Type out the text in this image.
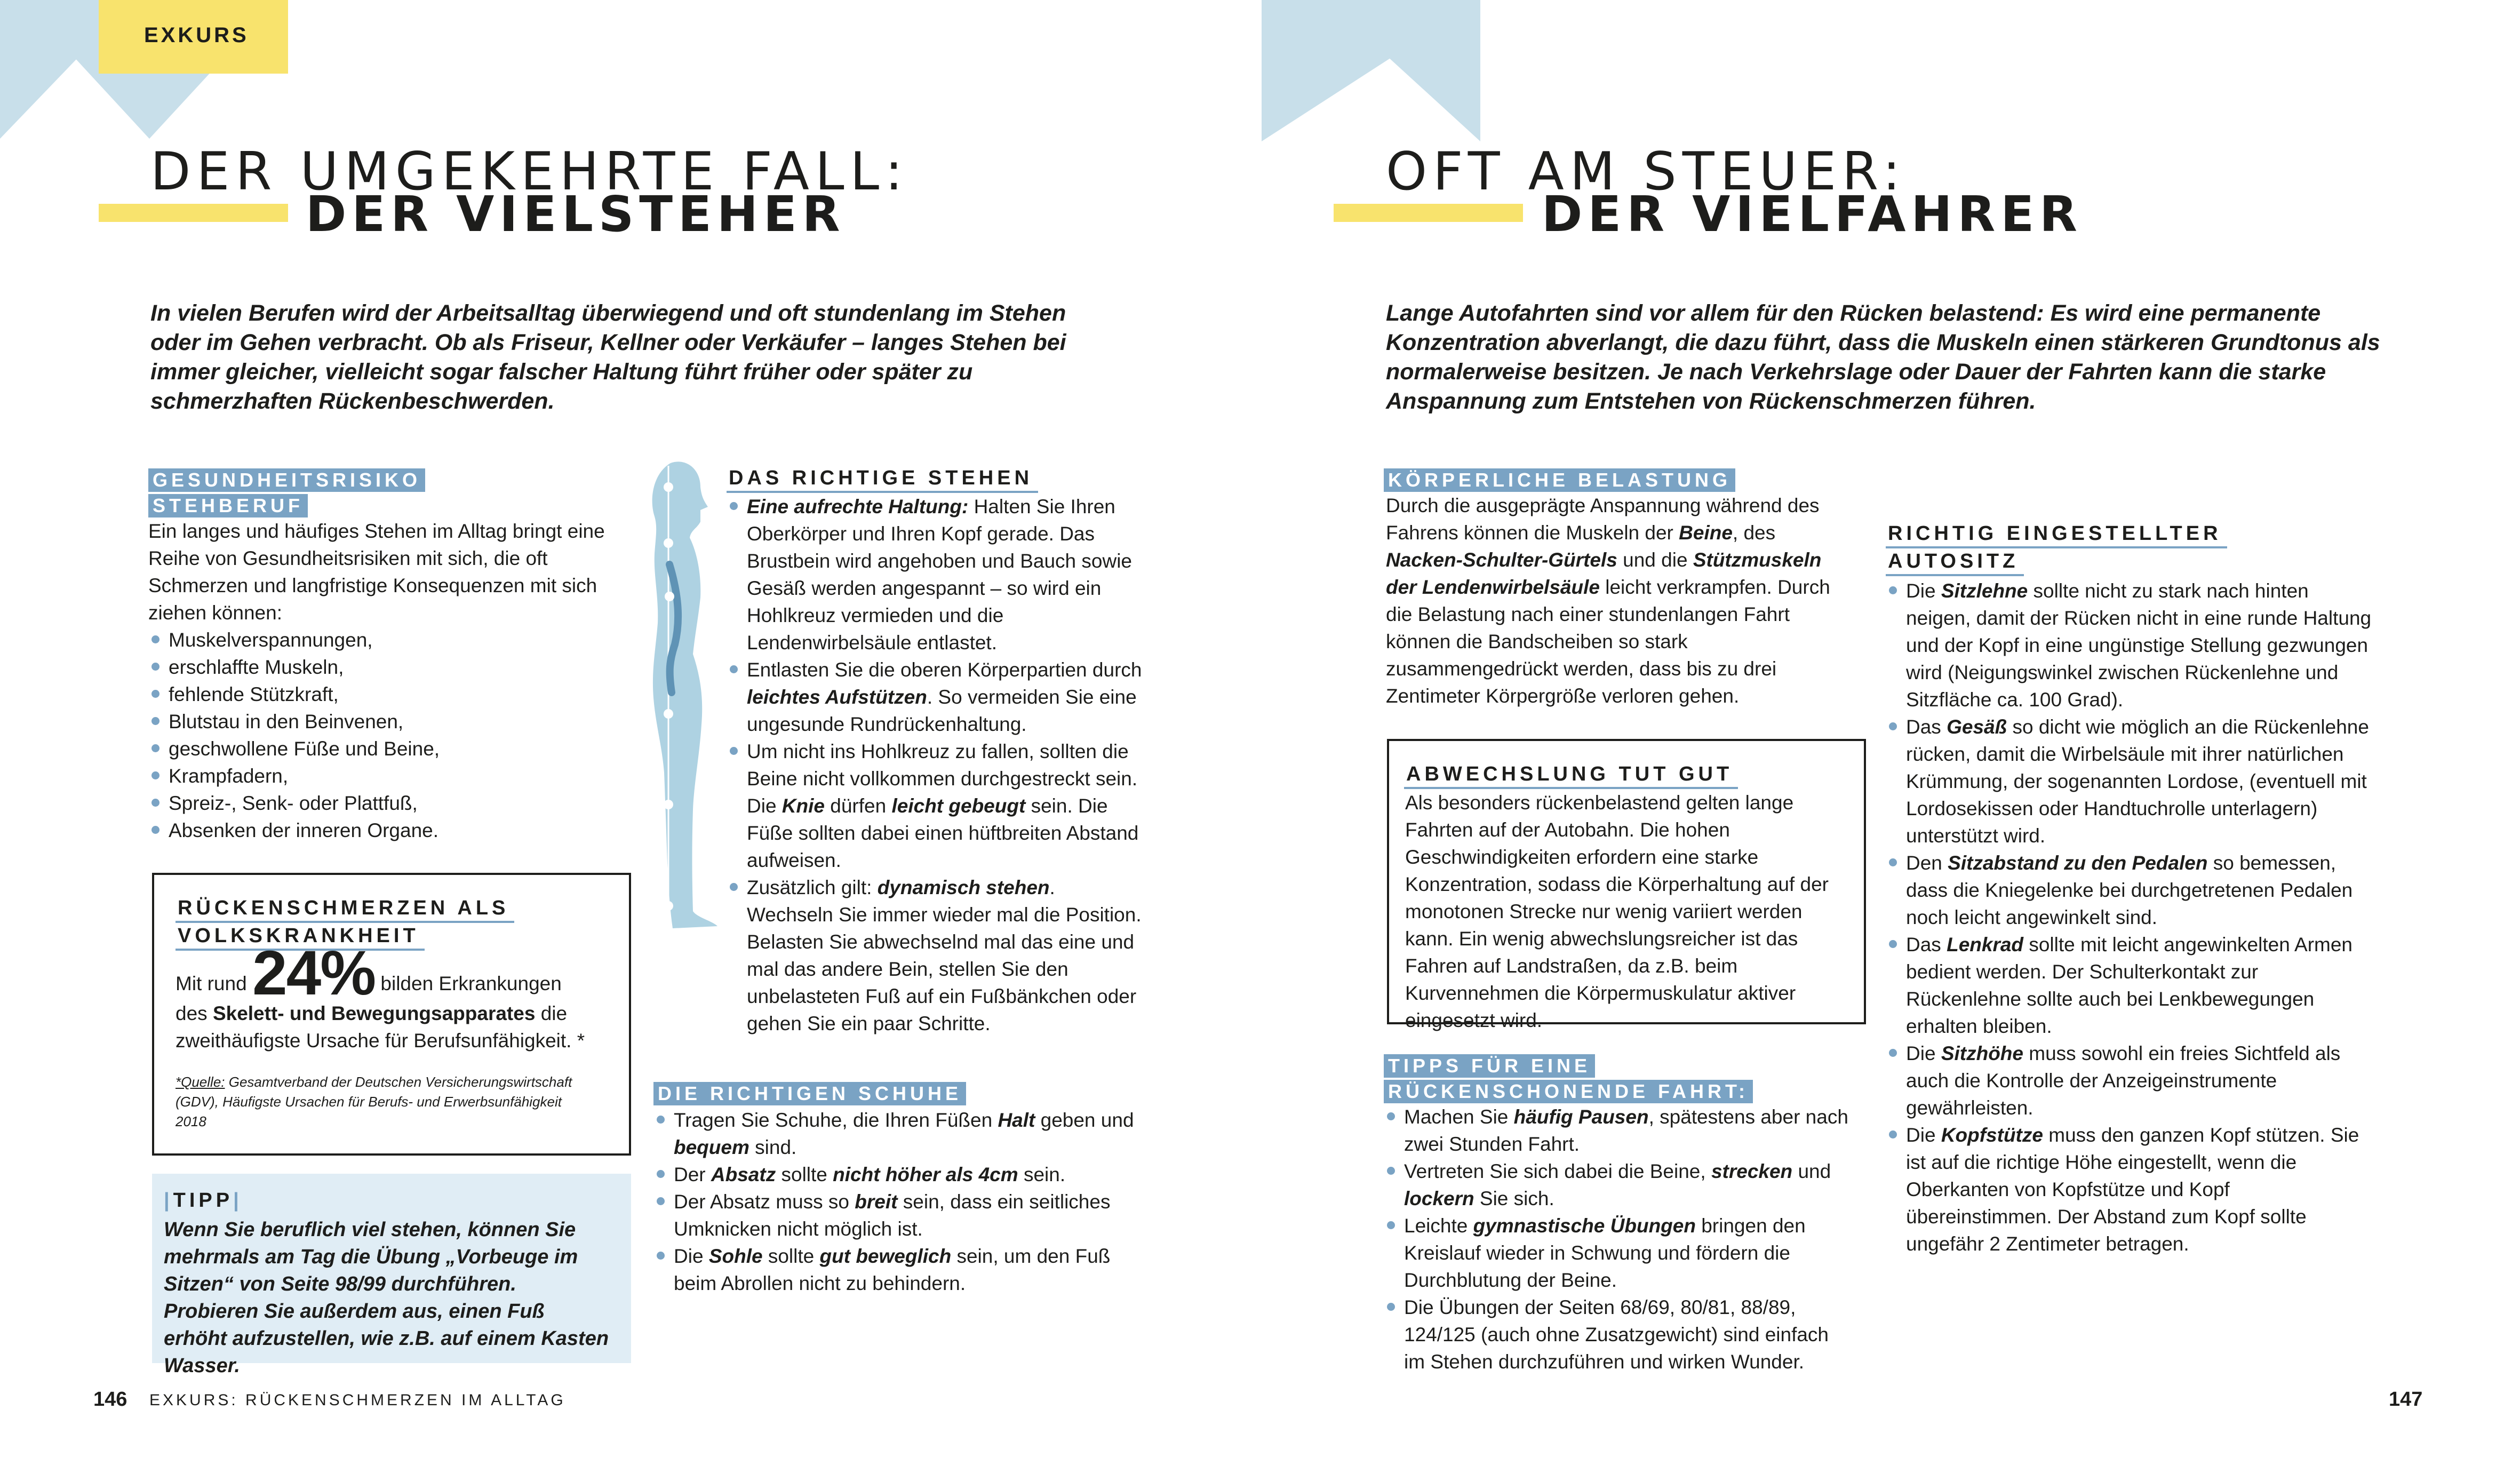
EXKURS
DER UMGEKEHRTE FALL:
DER VIELSTEHER
In vielen Berufen wird der Arbeitsalltag überwiegend und oft stundenlang im Stehen oder im Gehen verbracht. Ob als Friseur, Kellner oder Verkäufer – langes Stehen bei immer gleicher, vielleicht sogar falscher Haltung führt früher oder später zu schmerzhaften Rückenbeschwerden.
GESUNDHEITSRISIKO
STEHBERUF
Ein langes und häufiges Stehen im Alltag bringt eine Reihe von Gesundheitsrisiken mit sich, die oft Schmerzen und langfristige Konsequenzen mit sich ziehen können:
Muskelverspannungen,
erschlaffte Muskeln,
fehlende Stützkraft,
Blutstau in den Beinvenen,
geschwollene Füße und Beine,
Krampfadern,
Spreiz-, Senk- oder Plattfuß,
Absenken der inneren Organe.
RÜCKENSCHMERZEN ALS
VOLKSKRANKHEIT
Mit rund 24% bilden Erkrankungen
des Skelett- und Bewegungsapparates die
zweithäufigste Ursache für Berufsunfähigkeit. *
*Quelle: Gesamtverband der Deutschen Versicherungswirtschaft (GDV), Häufigste Ursachen für Berufs- und Erwerbsunfähigkeit 2018
|TIPP|
Wenn Sie beruflich viel stehen, können Sie mehrmals am Tag die Übung „Vorbeuge im Sitzen“ von Seite 98/99 durchführen. Probieren Sie außerdem aus, einen Fuß erhöht aufzustellen, wie z.B. auf einem Kasten Wasser.
DAS RICHTIGE STEHEN
Eine aufrechte Haltung: Halten Sie Ihren Oberkörper und Ihren Kopf gerade. Das Brustbein wird angehoben und Bauch sowie Gesäß werden angespannt – so wird ein Hohlkreuz vermieden und die Lendenwirbelsäule entlastet.
Entlasten Sie die oberen Körperpartien durch leichtes Aufstützen. So vermeiden Sie eine ungesunde Rundrückenhaltung.
Um nicht ins Hohlkreuz zu fallen, sollten die Beine nicht vollkommen durchgestreckt sein. Die Knie dürfen leicht gebeugt sein. Die Füße sollten dabei einen hüftbreiten Abstand aufweisen.
Zusätzlich gilt: dynamisch stehen. Wechseln Sie immer wieder mal die Position. Belasten Sie abwechselnd mal das eine und mal das andere Bein, stellen Sie den unbelasteten Fuß auf ein Fußbänkchen oder gehen Sie ein paar Schritte.
DIE RICHTIGEN SCHUHE
Tragen Sie Schuhe, die Ihren Füßen Halt geben und bequem sind.
Der Absatz sollte nicht höher als 4cm sein.
Der Absatz muss so breit sein, dass ein seitliches Umknicken nicht möglich ist.
Die Sohle sollte gut beweglich sein, um den Fuß beim Abrollen nicht zu behindern.
146 EXKURS: RÜCKENSCHMERZEN IM ALLTAG
OFT AM STEUER:
DER VIELFAHRER
Lange Autofahrten sind vor allem für den Rücken belastend: Es wird eine permanente Konzentration abverlangt, die dazu führt, dass die Muskeln einen stärkeren Grundtonus als normalerweise besitzen. Je nach Verkehrslage oder Dauer der Fahrten kann die starke Anspannung zum Entstehen von Rückenschmerzen führen.
KÖRPERLICHE BELASTUNG
Durch die ausgeprägte Anspannung während des Fahrens können die Muskeln der Beine, des Nacken-Schulter-Gürtels und die Stützmuskeln der Lendenwirbelsäule leicht verkrampfen. Durch die Belastung nach einer stundenlangen Fahrt können die Bandscheiben so stark zusammengedrückt werden, dass bis zu drei Zentimeter Körpergröße verloren gehen.
ABWECHSLUNG TUT GUT
Als besonders rückenbelastend gelten lange Fahrten auf der Autobahn. Die hohen Geschwindigkeiten erfordern eine starke Konzentration, sodass die Körperhaltung auf der monotonen Strecke nur wenig variiert werden kann. Ein wenig abwechslungsreicher ist das Fahren auf Landstraßen, da z.B. beim Kurvennehmen die Körpermuskulatur aktiver eingesetzt wird.
TIPPS FÜR EINE
RÜCKENSCHONENDE FAHRT:
Machen Sie häufig Pausen, spätestens aber nach zwei Stunden Fahrt.
Vertreten Sie sich dabei die Beine, strecken und lockern Sie sich.
Leichte gymnastische Übungen bringen den Kreislauf wieder in Schwung und fördern die Durchblutung der Beine.
Die Übungen der Seiten 68/69, 80/81, 88/89, 124/125 (auch ohne Zusatzgewicht) sind einfach im Stehen durchzuführen und wirken Wunder.
RICHTIG EINGESTELLTER
AUTOSITZ
Die Sitzlehne sollte nicht zu stark nach hinten neigen, damit der Rücken nicht in eine runde Haltung und der Kopf in eine ungünstige Stellung gezwungen wird (Neigungswinkel zwischen Rückenlehne und Sitzfläche ca. 100 Grad).
Das Gesäß so dicht wie möglich an die Rückenlehne rücken, damit die Wirbelsäule mit ihrer natürlichen Krümmung, der sogenannten Lordose, (eventuell mit Lordosekissen oder Handtuchrolle unterlagern) unterstützt wird.
Den Sitzabstand zu den Pedalen so bemessen, dass die Kniegelenke bei durchgetretenen Pedalen noch leicht angewinkelt sind.
Das Lenkrad sollte mit leicht angewinkelten Armen bedient werden. Der Schulterkontakt zur Rückenlehne sollte auch bei Lenkbewegungen erhalten bleiben.
Die Sitzhöhe muss sowohl ein freies Sichtfeld als auch die Kontrolle der Anzeigeinstrumente gewährleisten.
Die Kopfstütze muss den ganzen Kopf stützen. Sie ist auf die richtige Höhe eingestellt, wenn die Oberkanten von Kopfstütze und Kopf übereinstimmen. Der Abstand zum Kopf sollte ungefähr 2 Zentimeter betragen.
147
